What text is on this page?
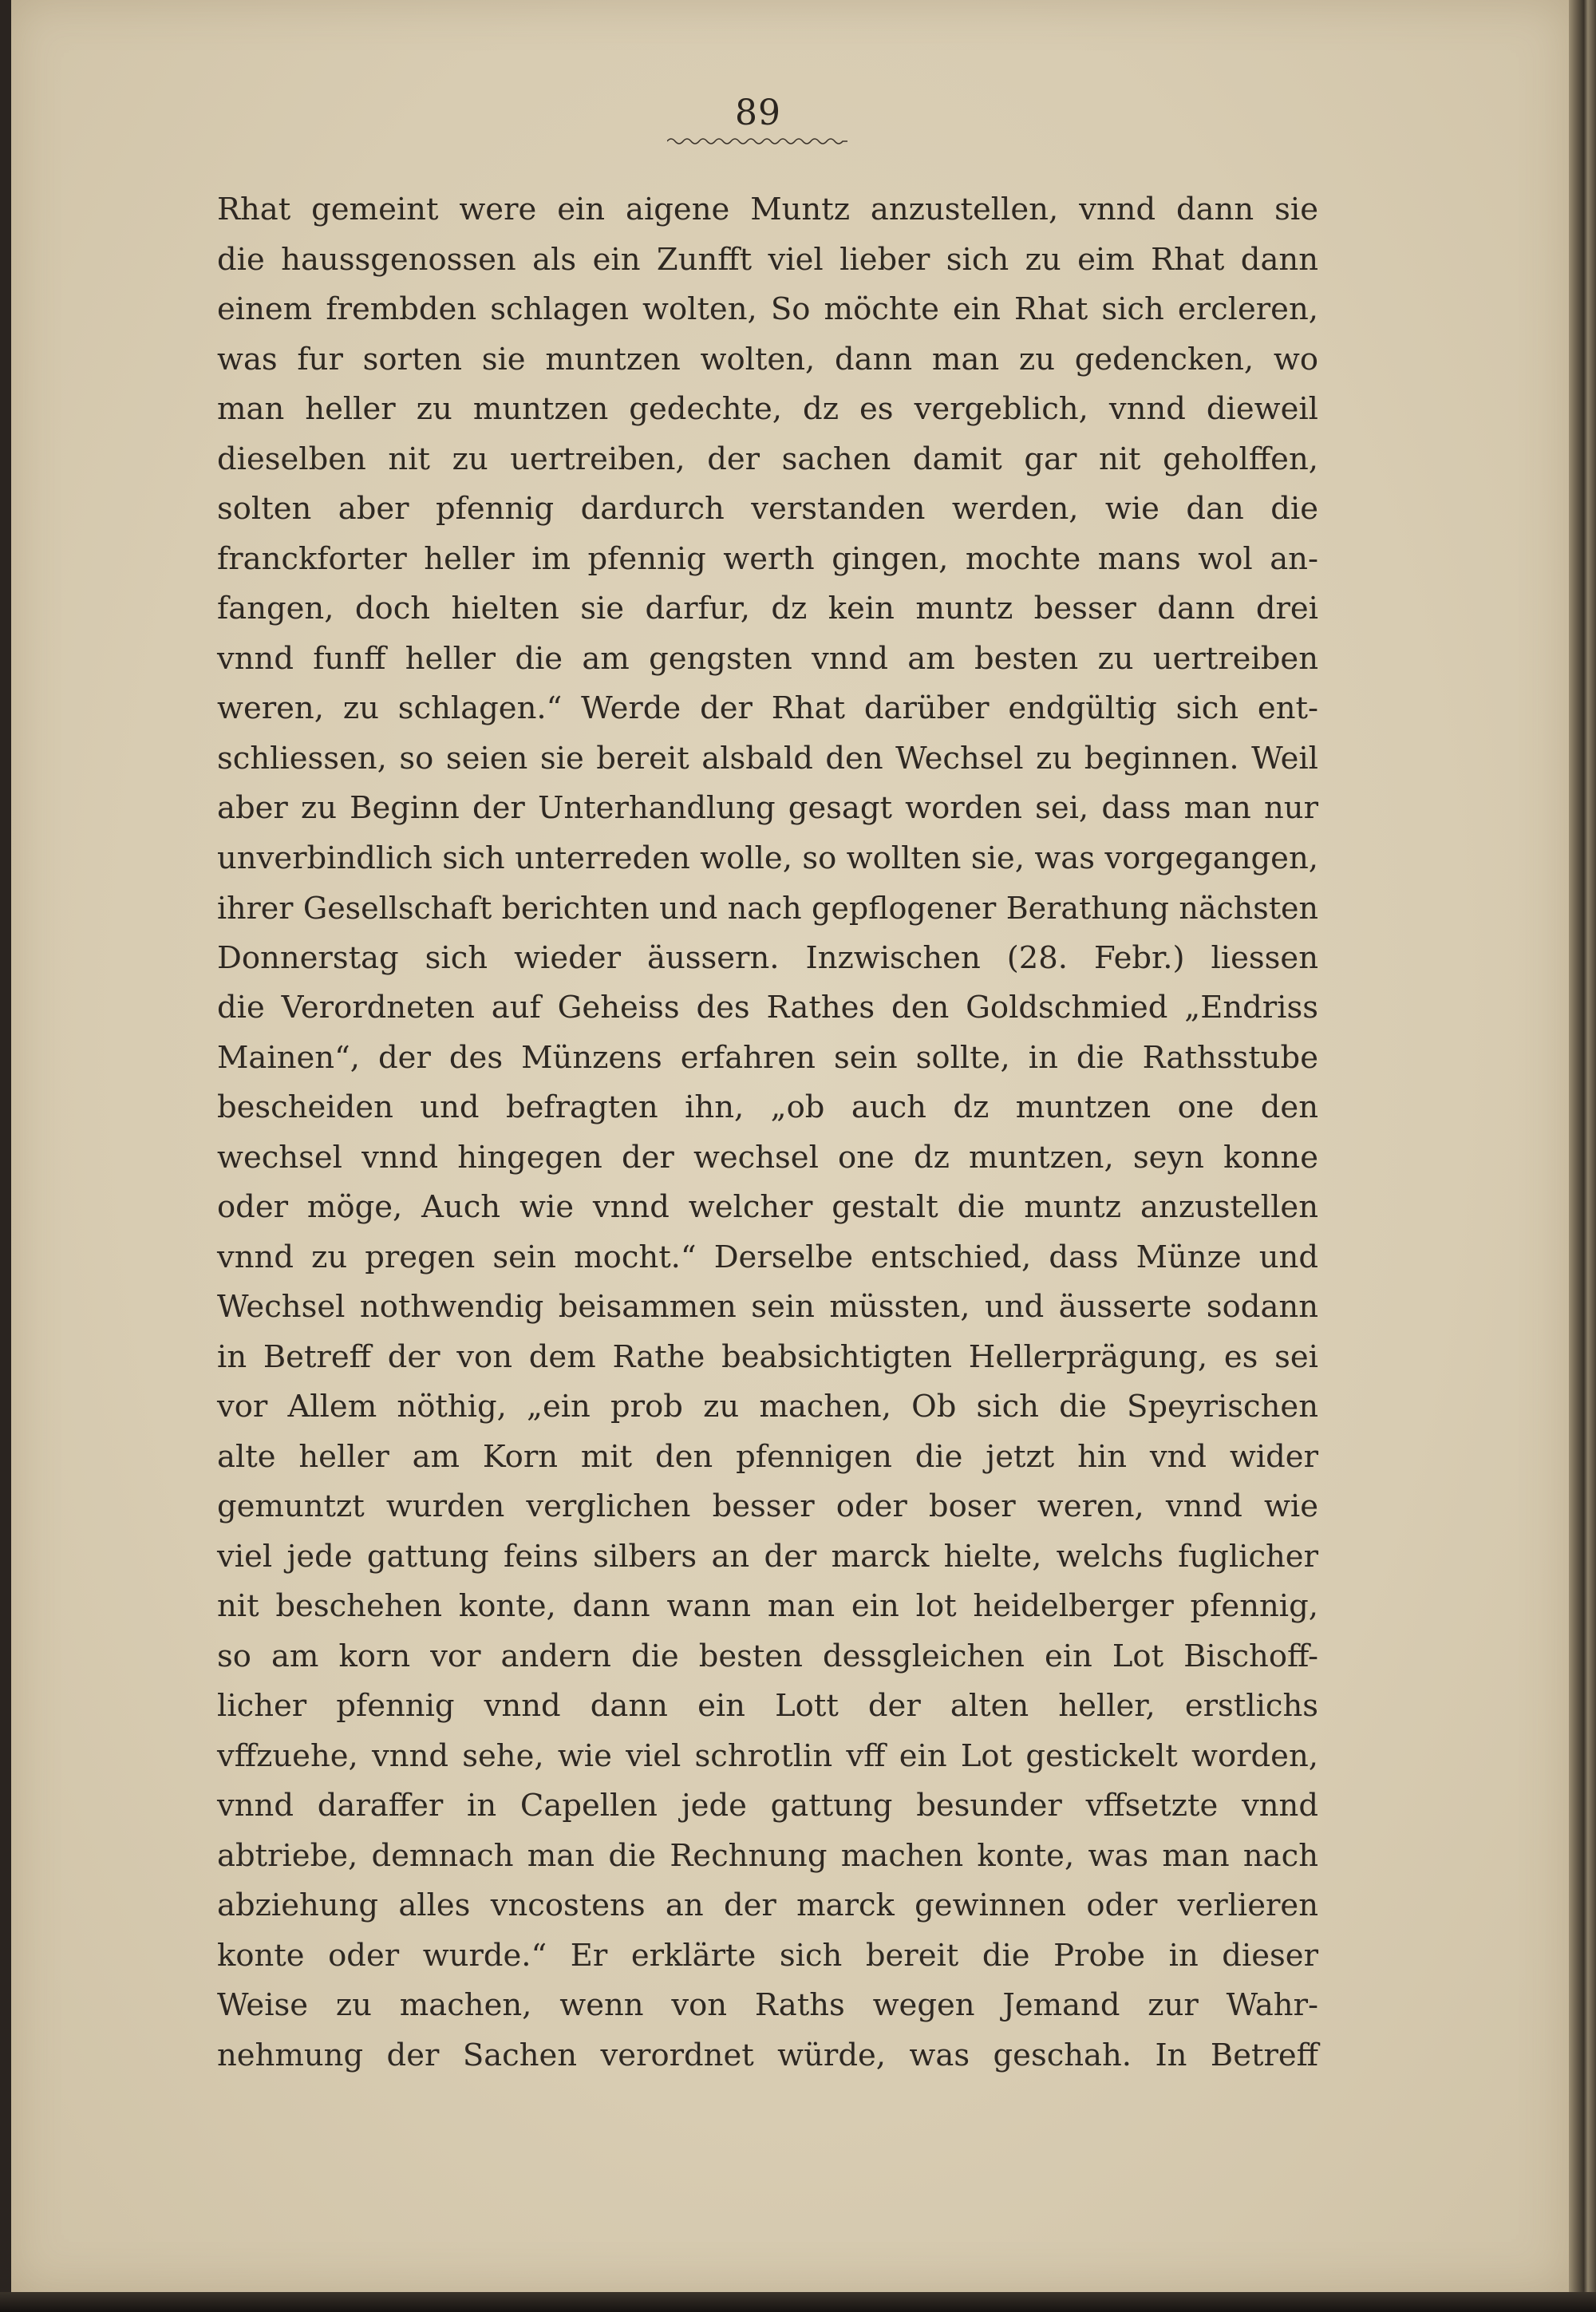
89
Rhat gemeint were ein aigene Muntz anzustellen, vnnd dann sie
die haussgenossen als ein Zunfft viel lieber sich zu eim Rhat dann
einem frembden schlagen wolten, So möchte ein Rhat sich ercleren,
was fur sorten sie muntzen wolten, dann man zu gedencken, wo
man heller zu muntzen gedechte, dz es vergeblich, vnnd dieweil
dieselben nit zu uertreiben, der sachen damit gar nit geholffen,
solten aber pfennig dardurch verstanden werden, wie dan die
franckforter heller im pfennig werth gingen, mochte mans wol an-
fangen, doch hielten sie darfur, dz kein muntz besser dann drei
vnnd funff heller die am gengsten vnnd am besten zu uertreiben
weren, zu schlagen.“ Werde der Rhat darüber endgültig sich ent-
schliessen, so seien sie bereit alsbald den Wechsel zu beginnen. Weil
aber zu Beginn der Unterhandlung gesagt worden sei, dass man nur
unverbindlich sich unterreden wolle, so wollten sie, was vorgegangen,
ihrer Gesellschaft berichten und nach gepflogener Berathung nächsten
Donnerstag sich wieder äussern. Inzwischen (28. Febr.) liessen
die Verordneten auf Geheiss des Rathes den Goldschmied „Endriss
Mainen“, der des Münzens erfahren sein sollte, in die Rathsstube
bescheiden und befragten ihn, „ob auch dz muntzen one den
wechsel vnnd hingegen der wechsel one dz muntzen, seyn konne
oder möge, Auch wie vnnd welcher gestalt die muntz anzustellen
vnnd zu pregen sein mocht.“ Derselbe entschied, dass Münze und
Wechsel nothwendig beisammen sein müssten, und äusserte sodann
in Betreff der von dem Rathe beabsichtigten Hellerprägung, es sei
vor Allem nöthig, „ein prob zu machen, Ob sich die Speyrischen
alte heller am Korn mit den pfennigen die jetzt hin vnd wider
gemuntzt wurden verglichen besser oder boser weren, vnnd wie
viel jede gattung feins silbers an der marck hielte, welchs fuglicher
nit beschehen konte, dann wann man ein lot heidelberger pfennig,
so am korn vor andern die besten dessgleichen ein Lot Bischoff-
licher pfennig vnnd dann ein Lott der alten heller, erstlichs
vffzuehe, vnnd sehe, wie viel schrotlin vff ein Lot gestickelt worden,
vnnd daraffer in Capellen jede gattung besunder vffsetzte vnnd
abtriebe, demnach man die Rechnung machen konte, was man nach
abziehung alles vncostens an der marck gewinnen oder verlieren
konte oder wurde.“ Er erklärte sich bereit die Probe in dieser
Weise zu machen, wenn von Raths wegen Jemand zur Wahr-
nehmung der Sachen verordnet würde, was geschah. In Betreff
